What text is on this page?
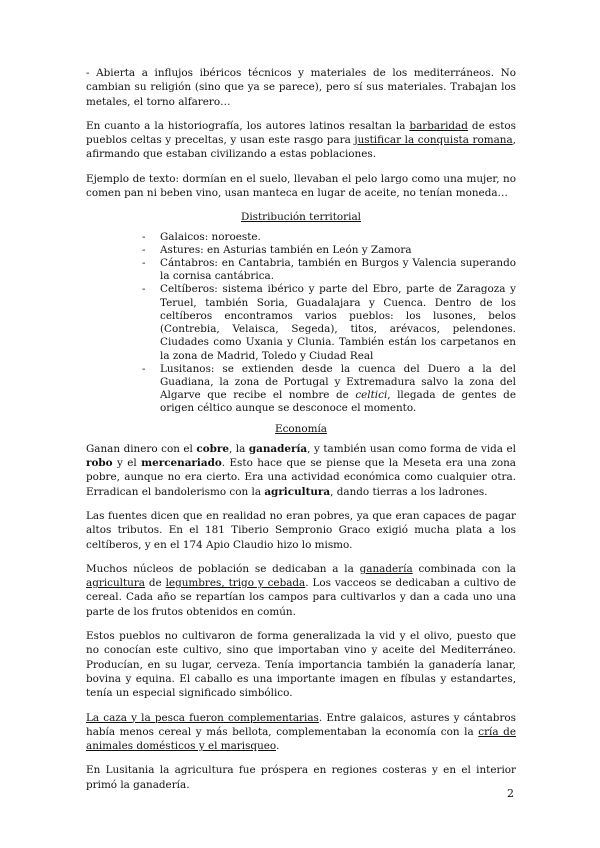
- Abierta a influjos ibéricos técnicos y materiales de los mediterráneos. No cambian su religión (sino que ya se parece), pero sí sus materiales. Trabajan los metales, el torno alfarero…

En cuanto a la historiografía, los autores latinos resaltan la barbaridad de estos pueblos celtas y preceltas, y usan este rasgo para justificar la conquista romana, afirmando que estaban civilizando a estas poblaciones.

Ejemplo de texto: dormían en el suelo, llevaban el pelo largo como una mujer, no comen pan ni beben vino, usan manteca en lugar de aceite, no tenían moneda…

Distribución territorial
- Galaicos: noroeste.
- Astures: en Asturias también en León y Zamora
- Cántabros: en Cantabria, también en Burgos y Valencia superando la cornisa cantábrica.
- Celtíberos: sistema ibérico y parte del Ebro, parte de Zaragoza y Teruel, también Soria, Guadalajara y Cuenca. Dentro de los celtíberos encontramos varios pueblos: los lusones, belos (Contrebia, Velaisca, Segeda), titos, arévacos, pelendones. Ciudades como Uxania y Clunia. También están los carpetanos en la zona de Madrid, Toledo y Ciudad Real
- Lusitanos: se extienden desde la cuenca del Duero a la del Guadiana, la zona de Portugal y Extremadura salvo la zona del Algarve que recibe el nombre de celtici, llegada de gentes de origen céltico aunque se desconoce el momento.
Economía

Ganan dinero con el cobre, la ganadería, y también usan como forma de vida el robo y el mercenariado. Esto hace que se piense que la Meseta era una zona pobre, aunque no era cierto. Era una actividad económica como cualquier otra. Erradican el bandolerismo con la agricultura, dando tierras a los ladrones.

Las fuentes dicen que en realidad no eran pobres, ya que eran capaces de pagar altos tributos. En el 181 Tiberio Sempronio Graco exigió mucha plata a los celtíberos, y en el 174 Apio Claudio hizo lo mismo.

Muchos núcleos de población se dedicaban a la ganadería combinada con la agricultura de legumbres, trigo y cebada. Los vacceos se dedicaban a cultivo de cereal. Cada año se repartían los campos para cultivarlos y dan a cada uno una parte de los frutos obtenidos en común.

Estos pueblos no cultivaron de forma generalizada la vid y el olivo, puesto que no conocían este cultivo, sino que importaban vino y aceite del Mediterráneo. Producían, en su lugar, cerveza. Tenía importancia también la ganadería lanar, bovina y equina. El caballo es una importante imagen en fíbulas y estandartes, tenía un especial significado simbólico.

La caza y la pesca fueron complementarias. Entre galaicos, astures y cántabros había menos cereal y más bellota, complementaban la economía con la cría de animales domésticos y el marisqueo.

En Lusitania la agricultura fue próspera en regiones costeras y en el interior primó la ganadería.

2
